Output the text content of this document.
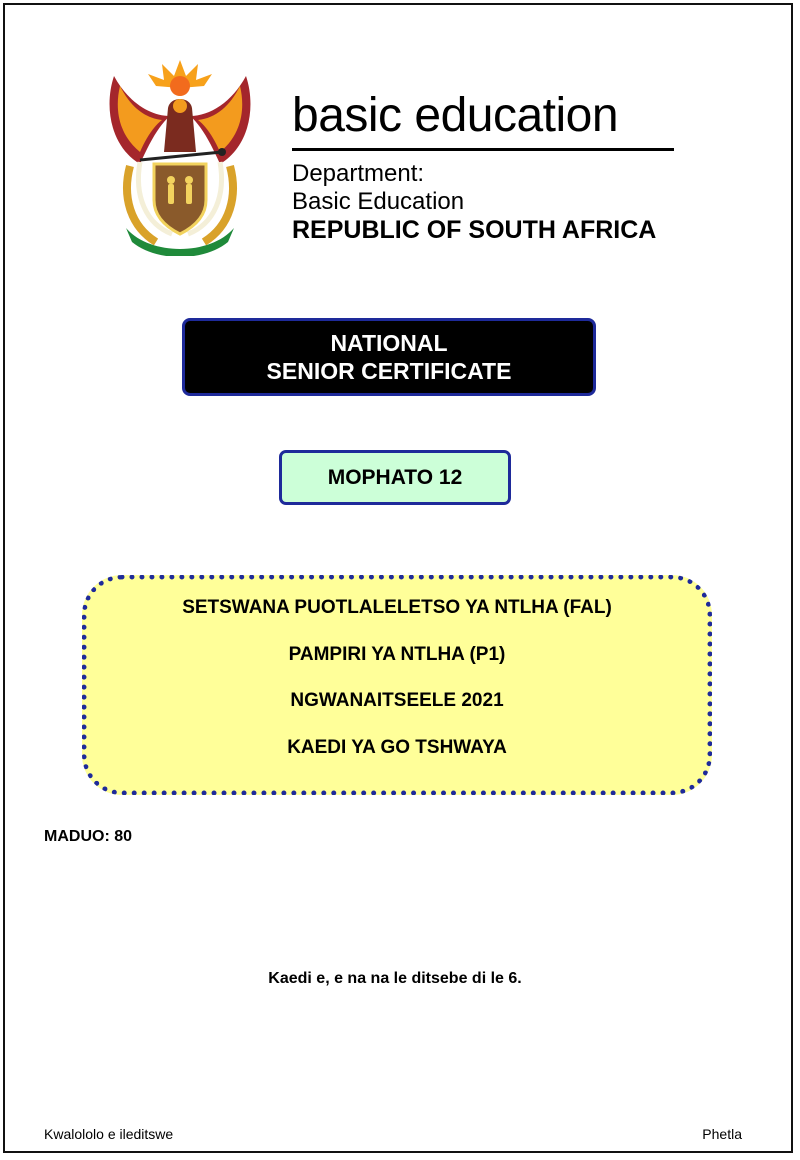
basic education
Department:
Basic Education
REPUBLIC OF SOUTH AFRICA
NATIONAL
SENIOR CERTIFICATE
MOPHATO 12
SETSWANA PUOTLALELETSO YA NTLHA (FAL)
PAMPIRI YA NTLHA (P1)
NGWANAITSEELE 2021
KAEDI YA GO TSHWAYA
MADUO: 80
Kaedi e, e na na le ditsebe di le 6.
Kwalololo e ileditswe	Phetla
